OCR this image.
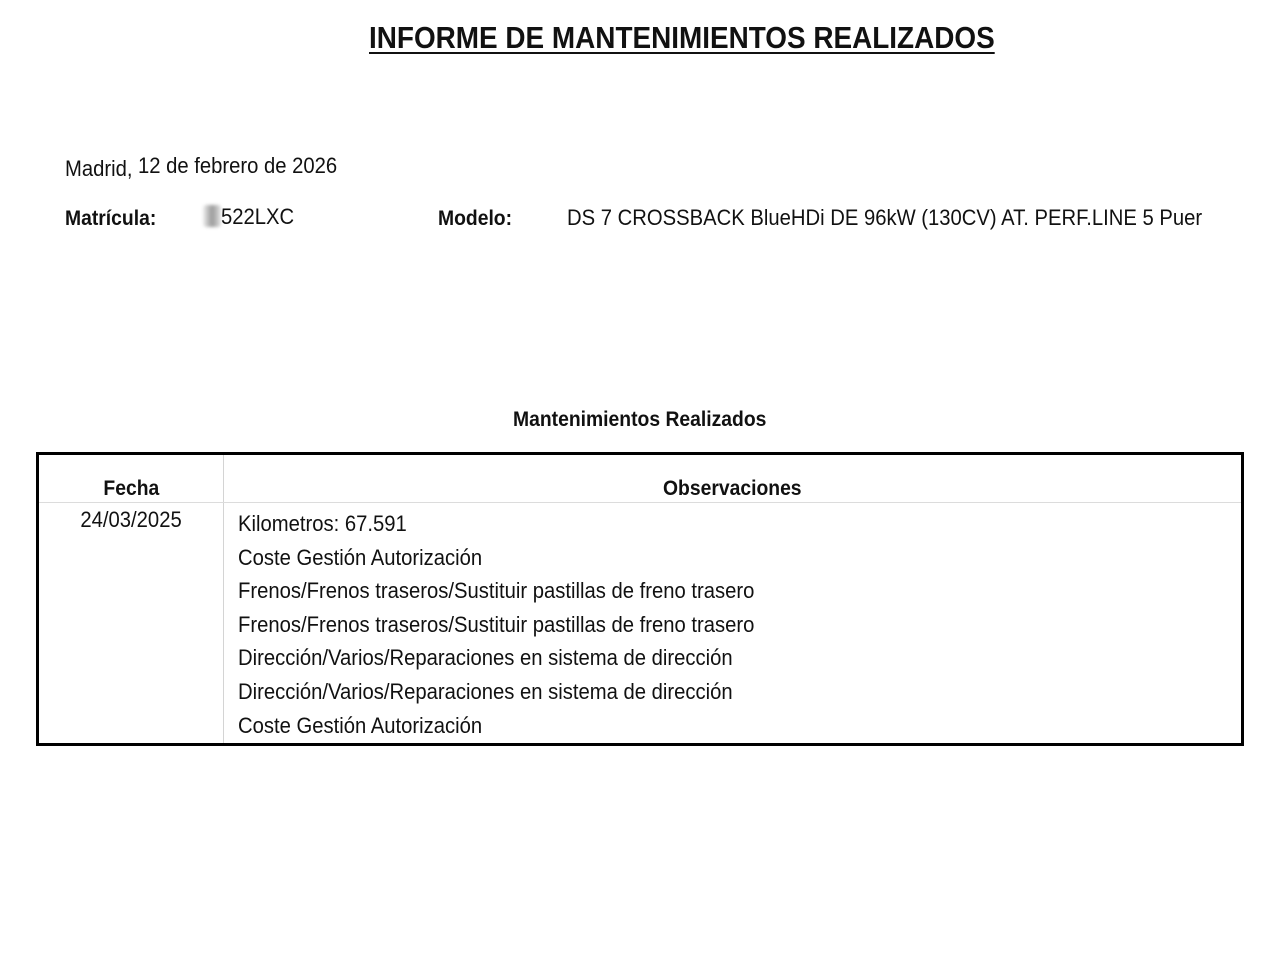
INFORME DE MANTENIMIENTOS REALIZADOS
Madrid, 12 de febrero de 2026
Matrícula:	522LXC	Modelo: DS 7 CROSSBACK BlueHDi DE 96kW (130CV) AT. PERF.LINE 5 Puer
Mantenimientos Realizados
Fecha	Observaciones
24/03/2025	Kilometros: 67.591
Coste Gestión Autorización
Frenos/Frenos traseros/Sustituir pastillas de freno trasero
Frenos/Frenos traseros/Sustituir pastillas de freno trasero
Dirección/Varios/Reparaciones en sistema de dirección
Dirección/Varios/Reparaciones en sistema de dirección
Coste Gestión Autorización
